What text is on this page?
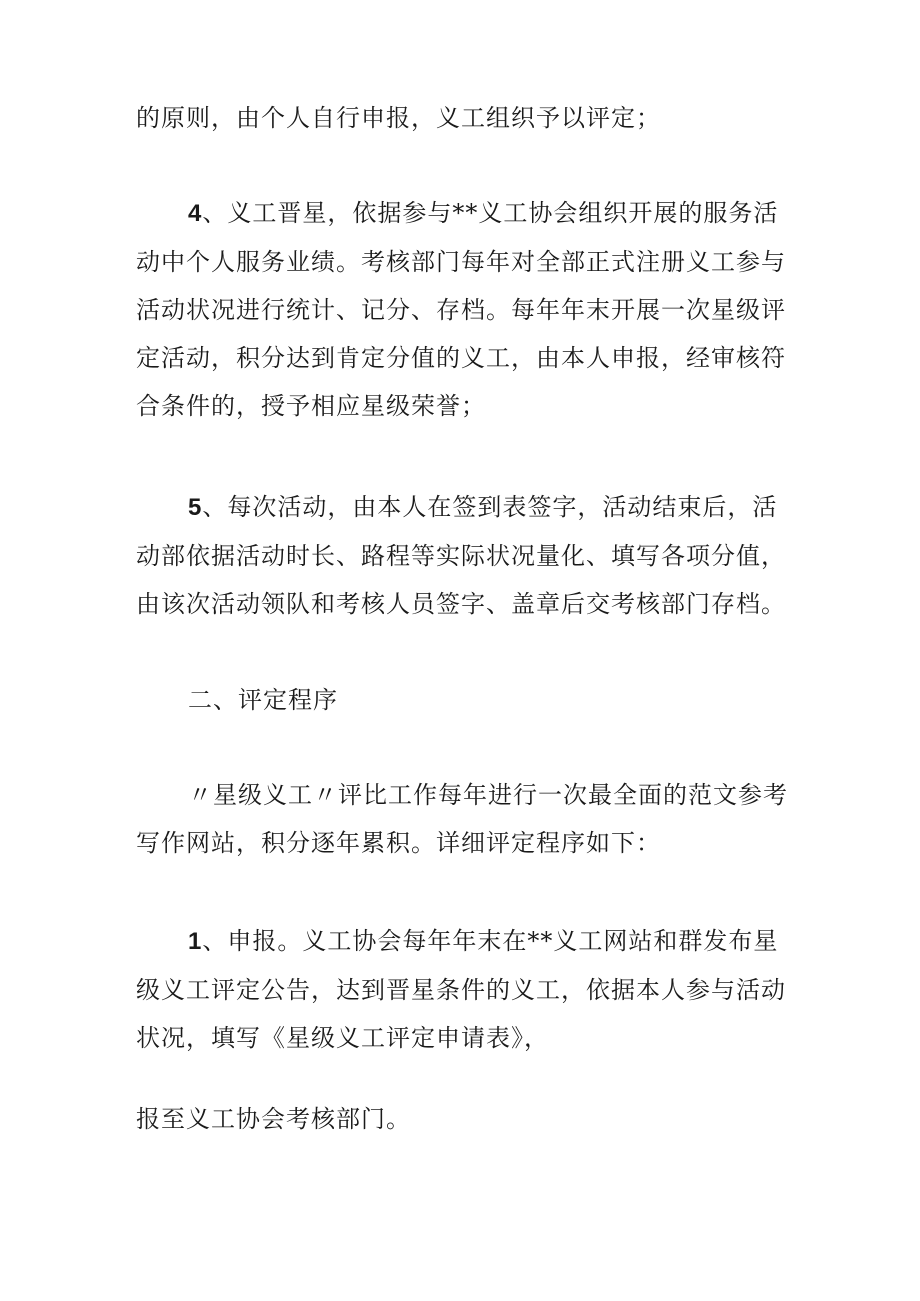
的原则，由个人自行申报，义工组织予以评定；

4、义工晋星，依据参与**义工协会组织开展的服务活动中个人服务业绩。考核部门每年对全部正式注册义工参与活动状况进行统计、记分、存档。每年年末开展一次星级评定活动，积分达到肯定分值的义工，由本人申报，经审核符合条件的，授予相应星级荣誉；

5、每次活动，由本人在签到表签字，活动结束后，活动部依据活动时长、路程等实际状况量化、填写各项分值，由该次活动领队和考核人员签字、盖章后交考核部门存档。

二、评定程序

〃星级义工〃评比工作每年进行一次最全面的范文参考写作网站，积分逐年累积。详细评定程序如下：

1、申报。义工协会每年年末在**义工网站和群发布星级义工评定公告，达到晋星条件的义工，依据本人参与活动状况，填写《星级义工评定申请表》，

报至义工协会考核部门。
